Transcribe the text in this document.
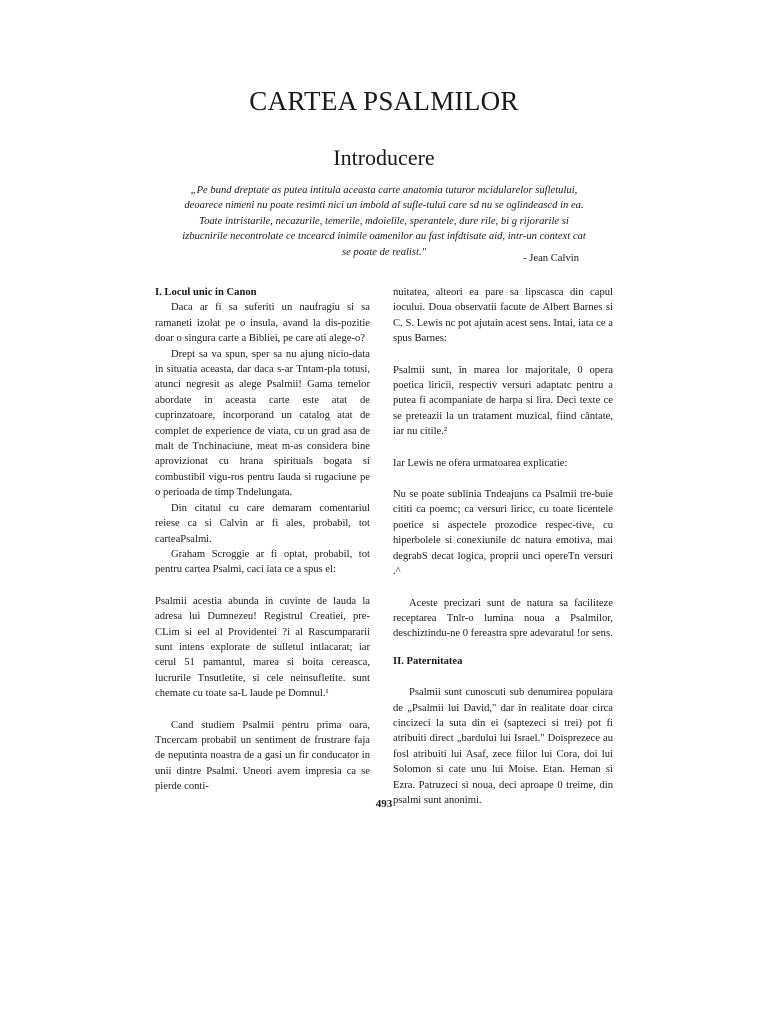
CARTEA PSALMILOR
Introducere

„Pe bund dreptate as putea intitula aceasta carte anatomia tuturor mcidularelor sufletului, deoarece nimeni nu poate resimti nici un imbold al sufle-tului care sd nu se oglindeascd in ea. Toate intristarile, necazurile, temerile, mdoielile, sperantele, dure rile, bi g rijorarile si izbucnirile necontrolate ce tncearcd inimile oamenilor au fast infdtisate aid, intr-un context cat se poate de realist."

- Jean Calvin

I. Locul unic in Canon

Daca ar fi sa suferiti un naufragiu si sa ramaneti izolat pe o insula, avand la dis-pozitie doar o singura carte a Bibliei, pe care ati alege-o?

Drept sa va spun, sper sa nu ajung nicio-data in situatia aceasta, dar daca s-ar Tntam-pla totusi, atunci negresit as alege Psalmii! Gama temelor abordate in aceasta carte este atat de cuprinzatoare, incorporand un catalog atat de complet de experience de viata, cu un grad asa de malt de Tnchinaciune, meat m-as considera bine aprovizionat cu hrana spirituals bogata si combustibil vigu-ros pentru lauda si rugaciune pe o perioada de timp Tndelungata.

Din citatul cu care demaram comentariul reiese ca si Calvin ar fi ales, probabil, tot carteaPsalmi.

Graham Scroggie ar fi optat, probabil, tot pentru cartea Psalmi, caci iata ce a spus el:

Psalmii acestia abunda in cuvinte de lauda la adresa lui Dumnezeu! Registrul Creatiei, pre-CLim si eel al Providentei ?i al Rascumpararii sunt intens explorate de sulletul intlacarat; iar cerul 51 pamantul, marea si boita cereasca, lucrurile Tnsutletite, si cele neinsufletite. sunt chemate cu toate sa-L laude pe Domnul.¹

Cand studiem Psalmii pentru prima oara, Tncercam probabil un sentiment de frustrare faja de neputinta noastra de a gasi un fir conducator in unii dintre Psalmi. Uneori avem impresia ca se pierde conti-

nuitatea, alteori ea pare sa lipscasca din capul iocului. Doua observatii facute de Albert Barnes si C. S. Lewis nc pot ajutain acest sens. Intai, iata ce a spus Barnes:

Psalmii sunt, în marea lor majoritale, 0 opera poetica liricii, respectiv versuri adaptatc pentru a putea fi acompaniate de harpa si lira. Deci texte ce se preteazii la un tratament muzical, fiind cântate, iar nu citile.²

Iar Lewis ne ofera urmatoarea explicatie:

Nu se poate sublinia Tndeajuns ca Psalmii tre-buie cititi ca poemc; ca versuri liricc, cu toate licentele poetice si aspectele prozodice respec-tive, cu hiperbolele si conexiunile dc natura emotiva, mai degrabS decat logica, proprii unci opereTn versuri .^

Aceste precizari sunt de natura sa faciliteze receptarea Tnlr-o lumina noua a Psalmilor, deschiztindu-ne 0 fereastra spre adevaratul !or sens.

II. Paternitatea

Psalmii sunt cunoscuti sub denumirea populara de „Psalmii lui David," dar în realitate doar circa cincizeci la suta din ei (saptezeci si trei) pot fi atribuiti direct „bardului lui Israel." Doisprezece au fosl atribuiti lui Asaf, zece fiilor lui Cora, doi lui Solomon si cate unu lui Moise. Etan. Heman si Ezra. Patruzeci si noua, deci aproape 0 treime, din psalmi sunt anonimi.

493
